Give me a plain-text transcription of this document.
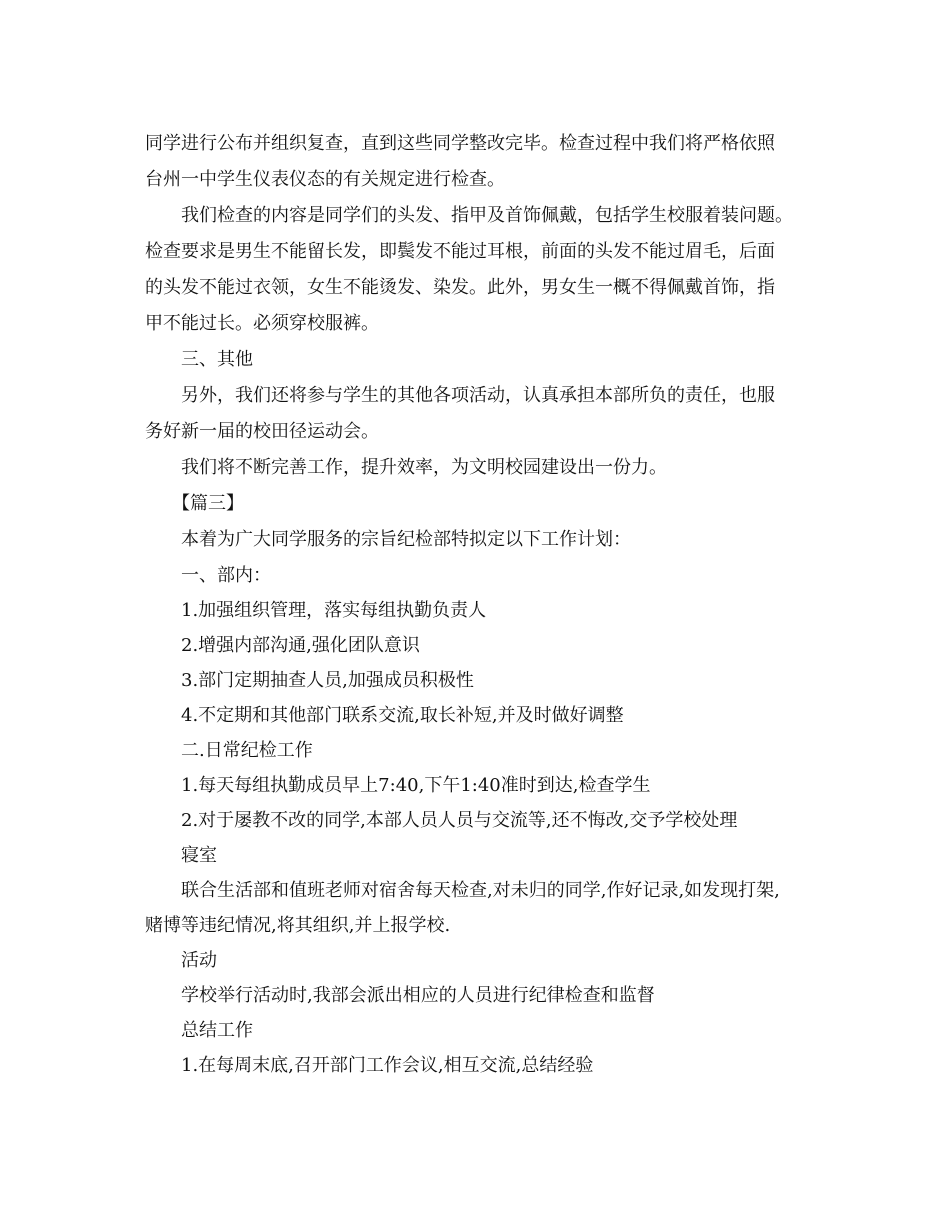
同学进行公布并组织复查，直到这些同学整改完毕。检查过程中我们将严格依照
台州一中学生仪表仪态的有关规定进行检查。
我们检查的内容是同学们的头发、指甲及首饰佩戴，包括学生校服着装问题。
检查要求是男生不能留长发，即鬓发不能过耳根，前面的头发不能过眉毛，后面
的头发不能过衣领，女生不能烫发、染发。此外，男女生一概不得佩戴首饰，指
甲不能过长。必须穿校服裤。
三、其他
另外，我们还将参与学生的其他各项活动，认真承担本部所负的责任，也服
务好新一届的校田径运动会。
我们将不断完善工作，提升效率，为文明校园建设出一份力。
【篇三】
本着为广大同学服务的宗旨纪检部特拟定以下工作计划：
一、部内：
1.加强组织管理，落实每组执勤负责人
2.增强内部沟通,强化团队意识
3.部门定期抽查人员,加强成员积极性
4.不定期和其他部门联系交流,取长补短,并及时做好调整
二.日常纪检工作
1.每天每组执勤成员早上7:40,下午1:40准时到达,检查学生
2.对于屡教不改的同学,本部人员人员与交流等,还不悔改,交予学校处理
寝室
联合生活部和值班老师对宿舍每天检查,对未归的同学,作好记录,如发现打架,
赌博等违纪情况,将其组织,并上报学校.
活动
学校举行活动时,我部会派出相应的人员进行纪律检查和监督
总结工作
1.在每周末底,召开部门工作会议,相互交流,总结经验
